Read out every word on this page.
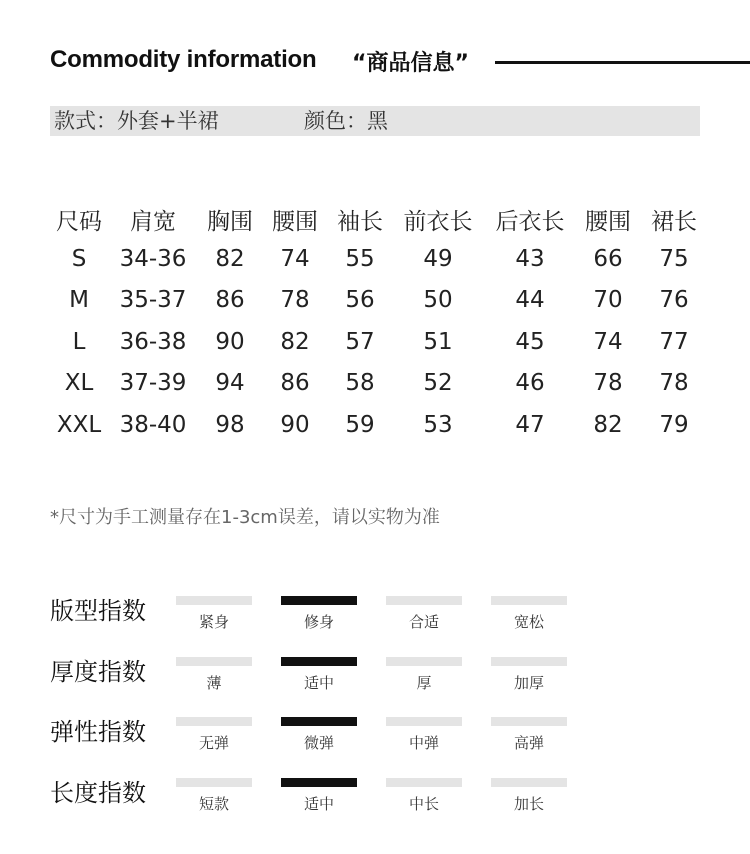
Commodity information “商品信息”
款式：外套+半裙	颜色：黑
尺码 肩宽 胸围 腰围 袖长 前衣长 后衣长 腰围 裙长
S 34-36 82 74 55 49	43 66 75
M 35-37 86 78 56 50	44 70 76
L 36-38 90 82 57 51	45 74 77
XL 37-39 94 86 58 52	46 78 78
XXL 38-40 98 90 59 53	47 82 79
*尺寸为手工测量存在1-3cm误差，请以实物为准
版型指数	紧身	修身	合适	宽松
厚度指数	薄	适中	厚	加厚
弹性指数	无弹	微弹	中弹	高弹
长度指数	短款	适中	中长	加长
